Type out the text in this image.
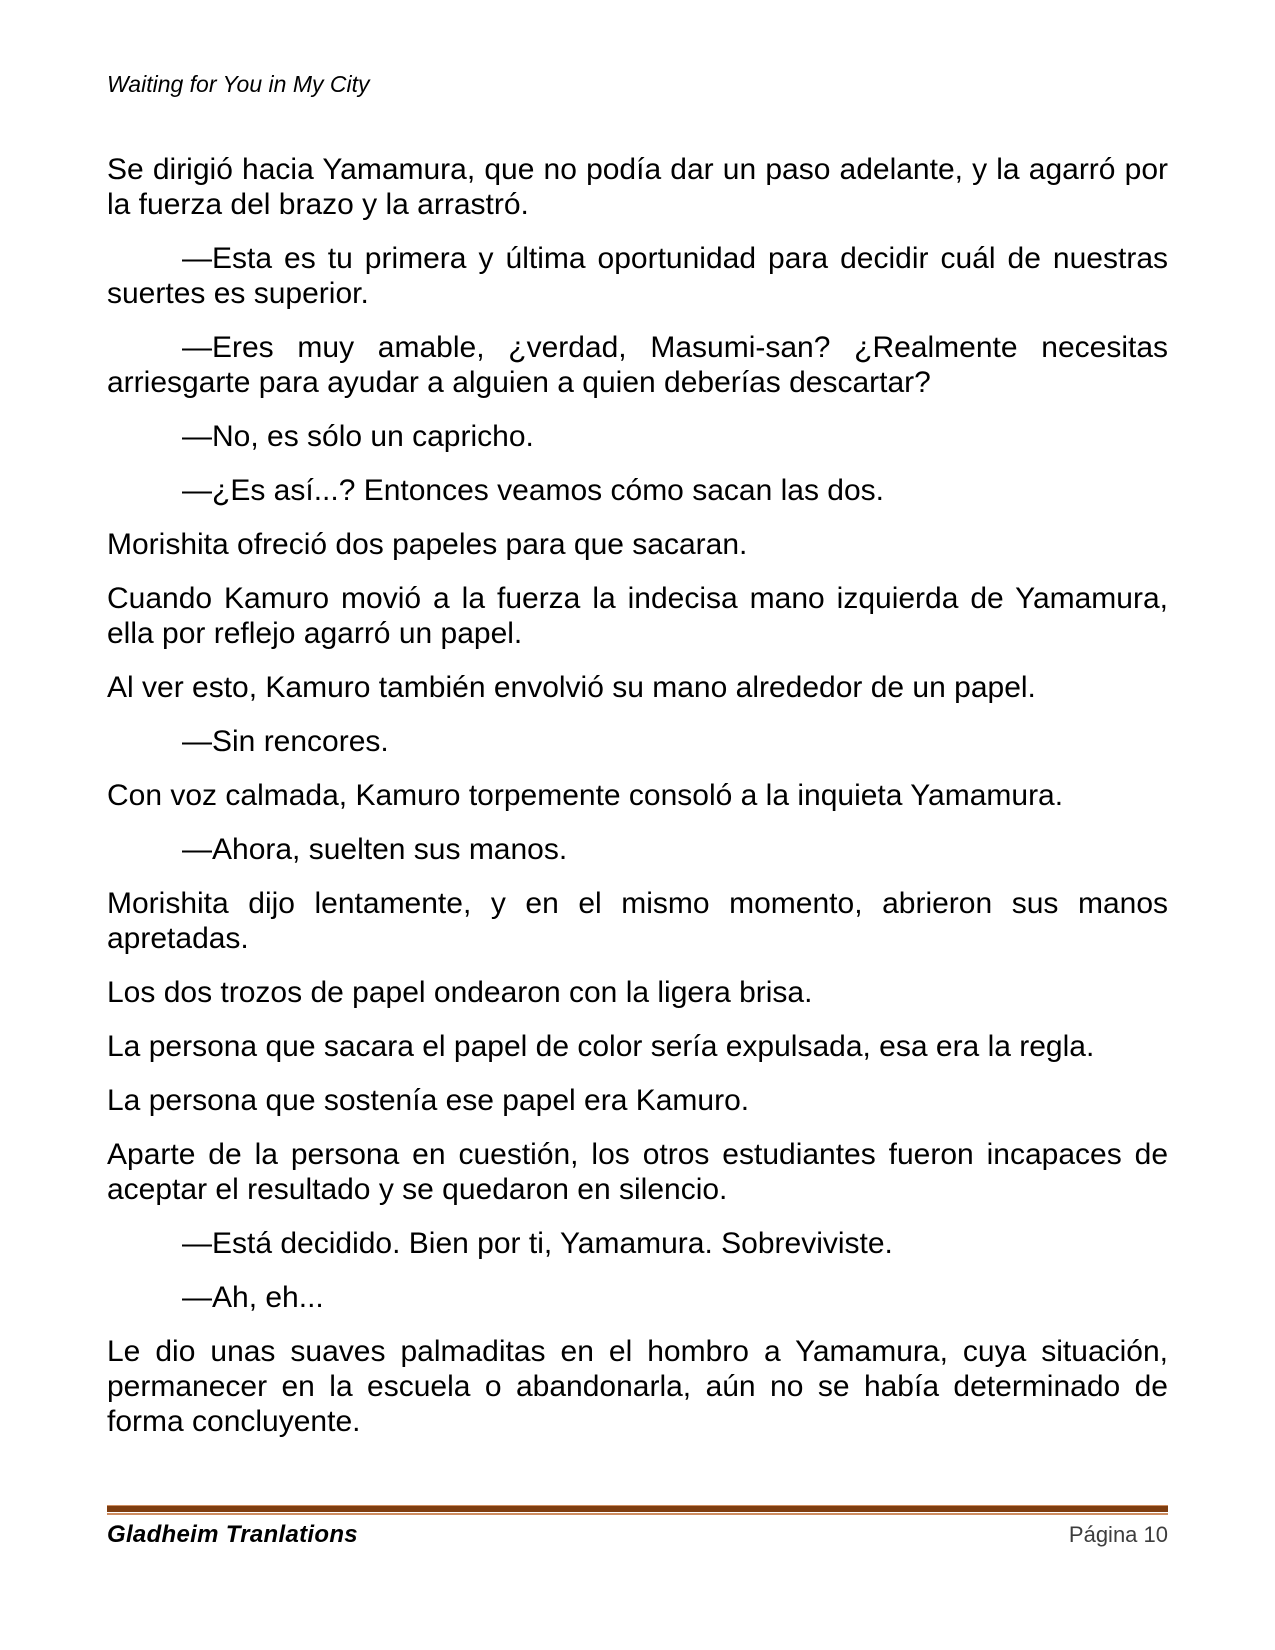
Waiting for You in My City

Se dirigió hacia Yamamura, que no podía dar un paso adelante, y la agarró por la fuerza del brazo y la arrastró.

—Esta es tu primera y última oportunidad para decidir cuál de nuestras suertes es superior.

—Eres muy amable, ¿verdad, Masumi-san? ¿Realmente necesitas arriesgarte para ayudar a alguien a quien deberías descartar?

—No, es sólo un capricho.

—¿Es así...? Entonces veamos cómo sacan las dos.

Morishita ofreció dos papeles para que sacaran.

Cuando Kamuro movió a la fuerza la indecisa mano izquierda de Yamamura, ella por reflejo agarró un papel.

Al ver esto, Kamuro también envolvió su mano alrededor de un papel.

—Sin rencores.

Con voz calmada, Kamuro torpemente consoló a la inquieta Yamamura.

—Ahora, suelten sus manos.

Morishita dijo lentamente, y en el mismo momento, abrieron sus manos apretadas.

Los dos trozos de papel ondearon con la ligera brisa.

La persona que sacara el papel de color sería expulsada, esa era la regla.

La persona que sostenía ese papel era Kamuro.

Aparte de la persona en cuestión, los otros estudiantes fueron incapaces de aceptar el resultado y se quedaron en silencio.

—Está decidido. Bien por ti, Yamamura. Sobreviviste.

—Ah, eh...

Le dio unas suaves palmaditas en el hombro a Yamamura, cuya situación, permanecer en la escuela o abandonarla, aún no se había determinado de forma concluyente.

Gladheim Tranlations	Página 10
